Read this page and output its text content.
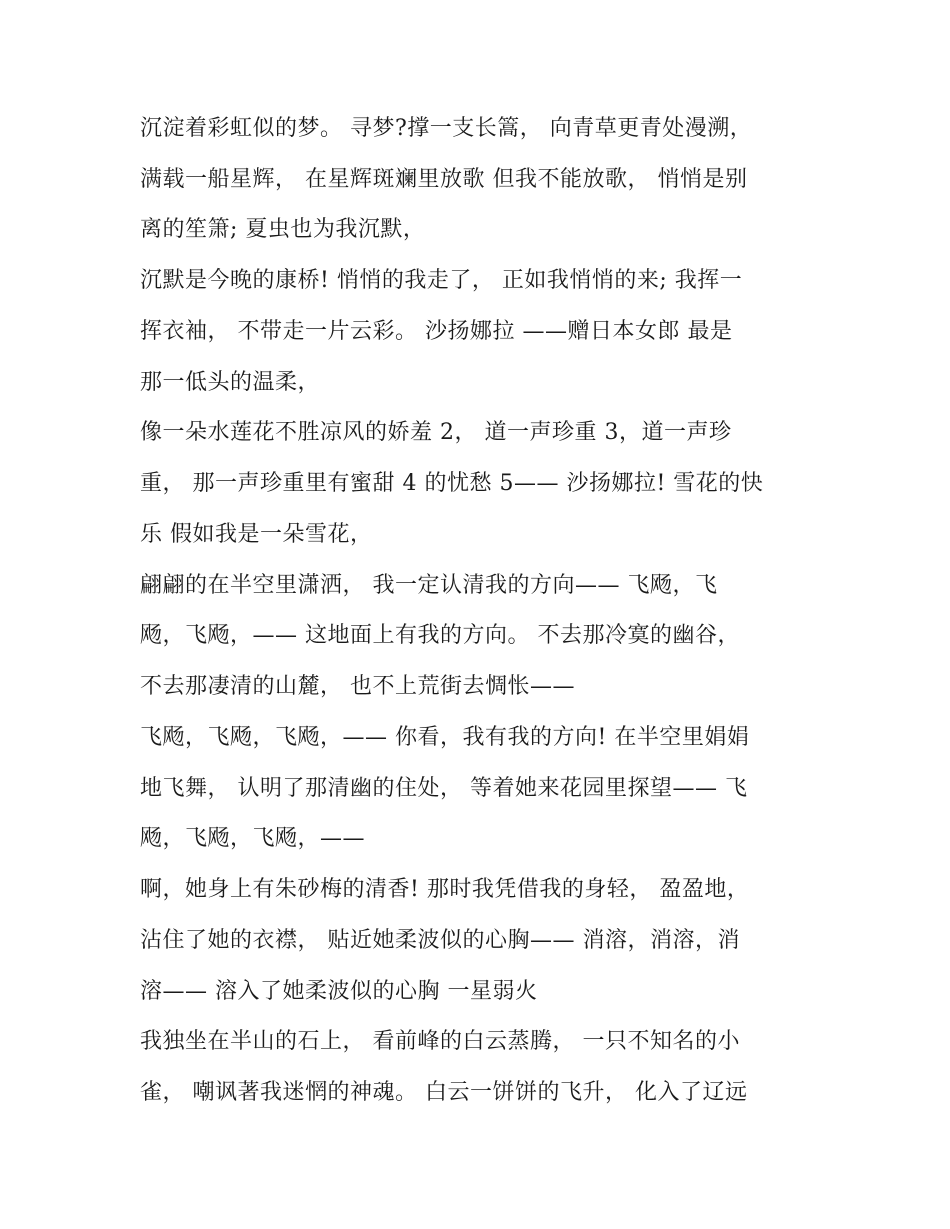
沉淀着彩虹似的梦。 寻梦?撑一支长篙， 向青草更青处漫溯，
满载一船星辉， 在星辉斑斓里放歌 但我不能放歌， 悄悄是别
离的笙箫; 夏虫也为我沉默，
沉默是今晚的康桥! 悄悄的我走了， 正如我悄悄的来; 我挥一
挥衣袖， 不带走一片云彩。 沙扬娜拉 ——赠日本女郎 最是
那一低头的温柔，
像一朵水莲花不胜凉风的娇羞 2， 道一声珍重 3，道一声珍
重， 那一声珍重里有蜜甜 4 的忧愁 5—— 沙扬娜拉! 雪花的快
乐 假如我是一朵雪花，
翩翩的在半空里潇洒， 我一定认清我的方向—— 飞飏，飞
飏，飞飏，—— 这地面上有我的方向。 不去那冷寞的幽谷，
不去那凄清的山麓， 也不上荒街去惆怅——
飞飏，飞飏，飞飏，—— 你看，我有我的方向! 在半空里娟娟
地飞舞， 认明了那清幽的住处， 等着她来花园里探望—— 飞
飏，飞飏，飞飏，——
啊，她身上有朱砂梅的清香! 那时我凭借我的身轻， 盈盈地，
沾住了她的衣襟， 贴近她柔波似的心胸—— 消溶，消溶，消
溶—— 溶入了她柔波似的心胸 一星弱火
我独坐在半山的石上， 看前峰的白云蒸腾， 一只不知名的小
雀， 嘲讽著我迷惘的神魂。 白云一饼饼的飞升， 化入了辽远
